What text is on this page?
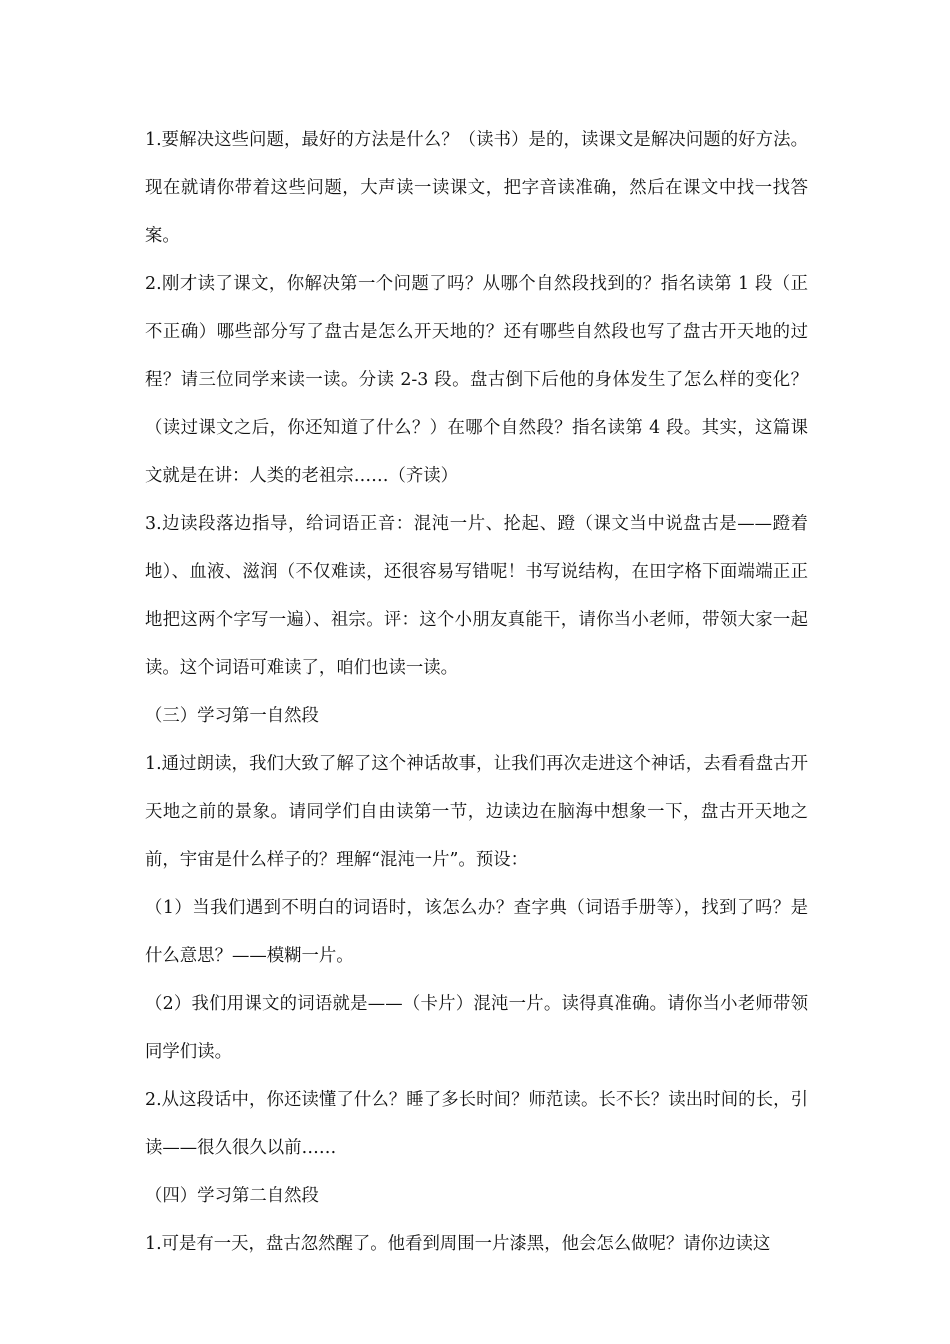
1.要解决这些问题，最好的方法是什么？（读书）是的，读课文是解决问题的好方法。现在就请你带着这些问题，大声读一读课文，把字音读准确，然后在课文中找一找答案。

2.刚才读了课文，你解决第一个问题了吗？从哪个自然段找到的？指名读第 1 段（正不正确）哪些部分写了盘古是怎么开天地的？还有哪些自然段也写了盘古开天地的过程？请三位同学来读一读。分读 2-3 段。盘古倒下后他的身体发生了怎么样的变化？（读过课文之后，你还知道了什么？）在哪个自然段？指名读第 4 段。其实，这篇课文就是在讲：人类的老祖宗……（齐读）

3.边读段落边指导，给词语正音：混沌一片、抡起、蹬（课文当中说盘古是——蹬着地）、血液、滋润（不仅难读，还很容易写错呢！书写说结构，在田字格下面端端正正地把这两个字写一遍）、祖宗。评：这个小朋友真能干，请你当小老师，带领大家一起读。这个词语可难读了，咱们也读一读。

（三）学习第一自然段

1.通过朗读，我们大致了解了这个神话故事，让我们再次走进这个神话，去看看盘古开天地之前的景象。请同学们自由读第一节，边读边在脑海中想象一下，盘古开天地之前，宇宙是什么样子的？理解“混沌一片”。预设：

（1）当我们遇到不明白的词语时，该怎么办？查字典（词语手册等），找到了吗？是什么意思？——模糊一片。

（2）我们用课文的词语就是——（卡片）混沌一片。读得真准确。请你当小老师带领同学们读。

2.从这段话中，你还读懂了什么？睡了多长时间？师范读。长不长？读出时间的长，引读——很久很久以前……

（四）学习第二自然段

1.可是有一天，盘古忽然醒了。他看到周围一片漆黑，他会怎么做呢？请你边读这
